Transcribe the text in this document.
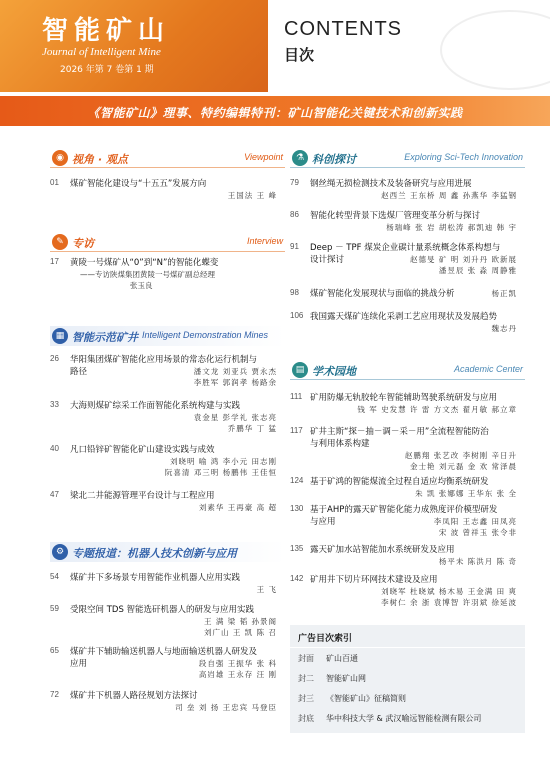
智能矿山
Journal of Intelligent Mine
2026 年第 7 卷第 1 期
CONTENTS
目次
《智能矿山》理事、特约编辑特刊：矿山智能化关键技术和创新实践
◉ 视角 · 观点	Viewpoint
01	煤矿智能化建设与“十五五”发展方向
王国法 王 峰
✎ 专访	Interview
17	黄陵一号煤矿从“0”到“N”的智能化蝶变
——专访陕煤集团黄陵一号煤矿副总经理
张玉良
▦ 智能示范矿井 Intelligent Demonstration Mines
26	华阳集团煤矿智能化应用场景的常态化运行机制与
路径	潘文龙 刘亚兵 贾永杰
李胜军 郭润孝 杨路余
33	大海则煤矿综采工作面智能化系统构建与实践
袁金星 彭学礼 张志亮
乔鹏华 丁 猛
40	凡口铅锌矿智能化矿山建设实践与成效
刘晓明 喻 鸿 李小元 田志刚
阮喜清 邓三明 杨鹏伟 王佳恒
47	梁北二井能源管理平台设计与工程应用
刘素华 王再豪 高 超
⚙ 专题报道：机器人技术创新与应用
54	煤矿井下多场景专用智能作业机器人应用实践
王 飞
59	受限空间 TDS 智能选矸机器人的研发与应用实践
王 满 梁 韬 孙景阁
刘广山 王 凯 陈 召
65	煤矿井下辅助输送机器人与地面输送机器人研发及
应用	段自强 王振华 张 科
高岿雄 王永存 汪 刚
72	煤矿井下机器人路径规划方法探讨
司 垒 刘 扬 王忠宾 马登臣
⚗ 科创探讨	Exploring Sci-Tech Innovation
79	钢丝绳无损检测技术及装备研究与应用进展
赵西兰 王东桥 周 鑫 孙燕华 李猛钢
86	智能化转型背景下选煤厂管理变革分析与探讨
杨瑞峰 张 岩 胡松涛 郝凯迪 韩 宇
91	Deep － TPF 煤炭企业碳计量系统概念体系构想与
设计探讨	赵德旻 矿 明 刘升丹 欧新展
潘昱辰 张 淼 周静雅
98	煤矿智能化发展现状与面临的挑战分析	杨正凯
106 我国露天煤矿连续化采剥工艺应用现状及发展趋势
魏志丹
▤ 学术园地	Academic Center
111 矿用防爆无轨胶轮车智能辅助驾驶系统研发与应用
钱 军 史发慧 许 雷 方文杰 翟月敏 郝立章
117 矿井主斯“探－抽－调－采－用”全流程智能防治
与利用体系构建
赵鹏翔 张艺改 李树刚 辛日升
金士艳 刘元磊 金 欢 常泽晨
124 基于矿鸿的智能煤流全过程自适应均衡系统研发
朱 凯 张娜娜 王华东 张 全
130 基于AHP的露天矿智能化能力成熟度评价模型研发
与应用	李凤阳 王志鑫 田凤亮
宋 波 曾祥玉 张令非
135 露天矿加水站智能加水系统研发及应用
杨平未 陈洪月 陈 奇
142 矿用井下切片环网技术建设及应用
刘晓军 杜晓斌 杨木易 王金满 田 爽
李树仁 余 浙 袁博智 许羽斌 徐延波
广告目次索引
封面 矿山百通
封二 智能矿山网
封三 《智能矿山》征稿简则
封底 华中科技大学 & 武汉喻远智能检测有限公司
